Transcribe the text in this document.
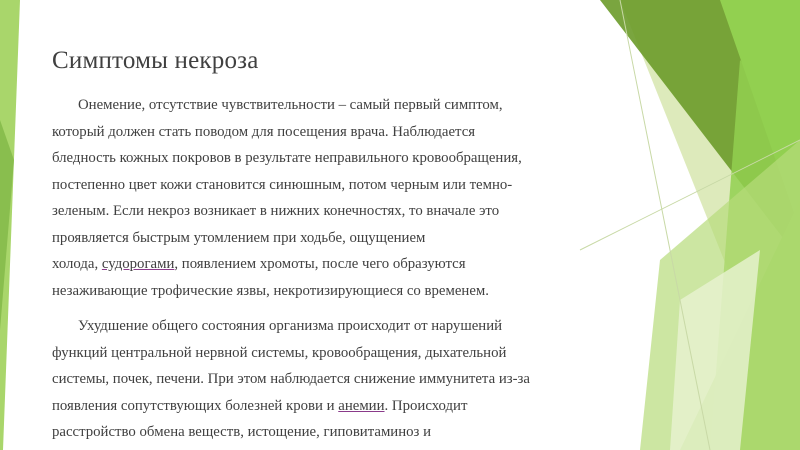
Симптомы некроза

Онемение, отсутствие чувствительности – самый первый симптом,
который должен стать поводом для посещения врача. Наблюдается
бледность кожных покровов в результате неправильного кровообращения,
постепенно цвет кожи становится синюшным, потом черным или темно-
зеленым. Если некроз возникает в нижних конечностях, то вначале это
проявляется быстрым утомлением при ходьбе, ощущением
холода, судорогами, появлением хромоты, после чего образуются
незаживающие трофические язвы, некротизирующиеся со временем.

Ухудшение общего состояния организма происходит от нарушений
функций центральной нервной системы, кровообращения, дыхательной
системы, почек, печени. При этом наблюдается снижение иммунитета из-за
появления сопутствующих болезней крови и анемии. Происходит
расстройство обмена веществ, истощение, гиповитаминоз и
